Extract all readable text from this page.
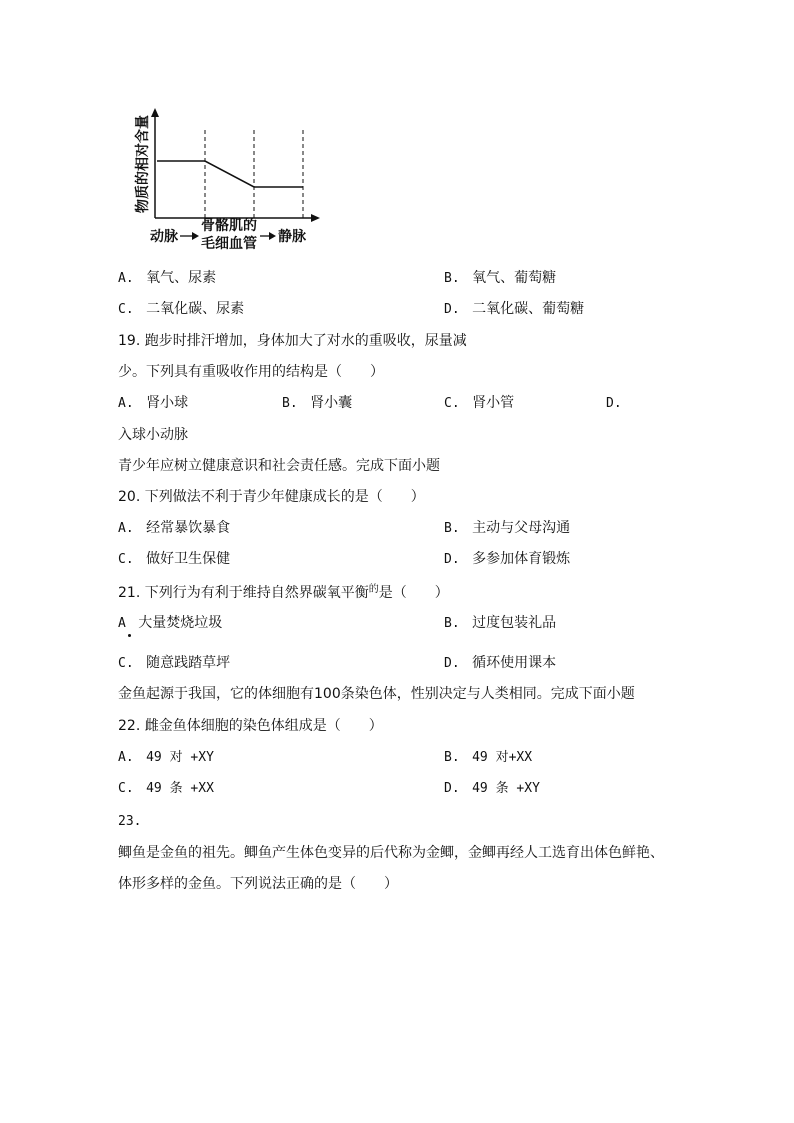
物质的相对含量
动脉
骨骼肌的
毛细血管 静脉
A. 氧气、尿素	B. 氧气、葡萄糖
C. 二氧化碳、尿素	D. 二氧化碳、葡萄糖
19. 跑步时排汗增加，身体加大了对水的重吸收，尿量减
少。下列具有重吸收作用的结构是（　　）
A. 肾小球	B. 肾小囊	C. 肾小管	D.
入球小动脉
青少年应树立健康意识和社会责任感。完成下面小题
20. 下列做法不利于青少年健康成长的是（　　）
A. 经常暴饮暴食	B. 主动与父母沟通
C. 做好卫生保健	D. 多参加体育锻炼
21. 下列行为有利于维持自然界碳氧平衡$^的$是（　　）
A 大量焚烧垃圾	B. 过度包装礼品
C. 随意践踏草坪	D. 循环使用课本
金鱼起源于我国，它的体细胞有100条染色体，性别决定与人类相同。完成下面小题
22. 雌金鱼体细胞的染色体组成是（　　）
A. 49 对 +XY	B. 49 对+XX
C. 49 条 +XX	D. 49 条 +XY
23.
鲫鱼是金鱼的祖先。鲫鱼产生体色变异的后代称为金鲫，金鲫再经人工选育出体色鲜艳、
体形多样的金鱼。下列说法正确的是（　　）
